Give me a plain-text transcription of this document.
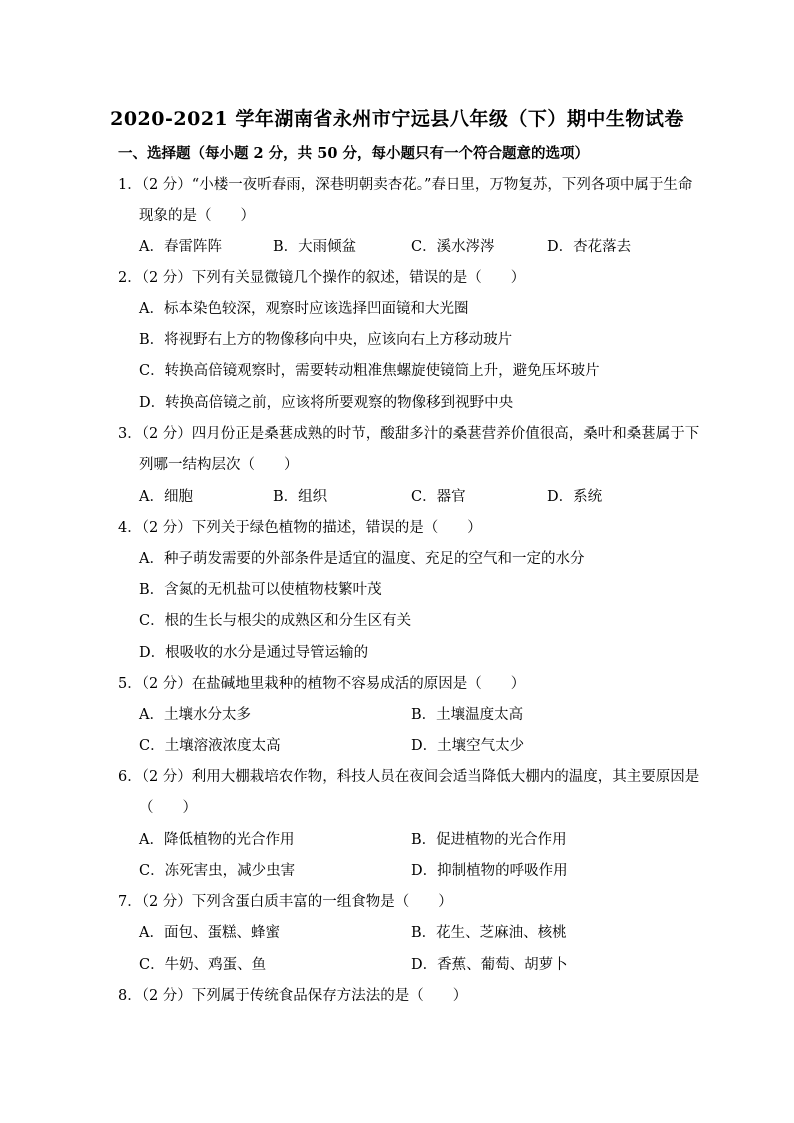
2020-2021 学年湖南省永州市宁远县八年级（下）期中生物试卷
一、选择题（每小题 2 分，共 50 分，每小题只有一个符合题意的选项）
1．（2 分）“小楼一夜听春雨，深巷明朝卖杏花。”春日里，万物复苏，下列各项中属于生命
现象的是（　　）
A．春雷阵阵	B．大雨倾盆	C．溪水涔涔	D．杏花落去
2．（2 分）下列有关显微镜几个操作的叙述，错误的是（　　）
A．标本染色较深，观察时应该选择凹面镜和大光圈
B．将视野右上方的物像移向中央，应该向右上方移动玻片
C．转换高倍镜观察时，需要转动粗准焦螺旋使镜筒上升，避免压坏玻片
D．转换高倍镜之前，应该将所要观察的物像移到视野中央
3．（2 分）四月份正是桑葚成熟的时节，酸甜多汁的桑葚营养价值很高，桑叶和桑葚属于下
列哪一结构层次（　　）
A．细胞	B．组织	C．器官	D．系统
4．（2 分）下列关于绿色植物的描述，错误的是（　　）
A．种子萌发需要的外部条件是适宜的温度、充足的空气和一定的水分
B．含氮的无机盐可以使植物枝繁叶茂
C．根的生长与根尖的成熟区和分生区有关
D．根吸收的水分是通过导管运输的
5．（2 分）在盐碱地里栽种的植物不容易成活的原因是（　　）
A．土壤水分太多	B．土壤温度太高
C．土壤溶液浓度太高	D．土壤空气太少
6．（2 分）利用大棚栽培农作物，科技人员在夜间会适当降低大棚内的温度，其主要原因是
（　　）
A．降低植物的光合作用	B．促进植物的光合作用
C．冻死害虫，减少虫害	D．抑制植物的呼吸作用
7．（2 分）下列含蛋白质丰富的一组食物是（　　）
A．面包、蛋糕、蜂蜜	B．花生、芝麻油、核桃
C．牛奶、鸡蛋、鱼	D．香蕉、葡萄、胡萝卜
8．（2 分）下列属于传统食品保存方法法的是（　　）
